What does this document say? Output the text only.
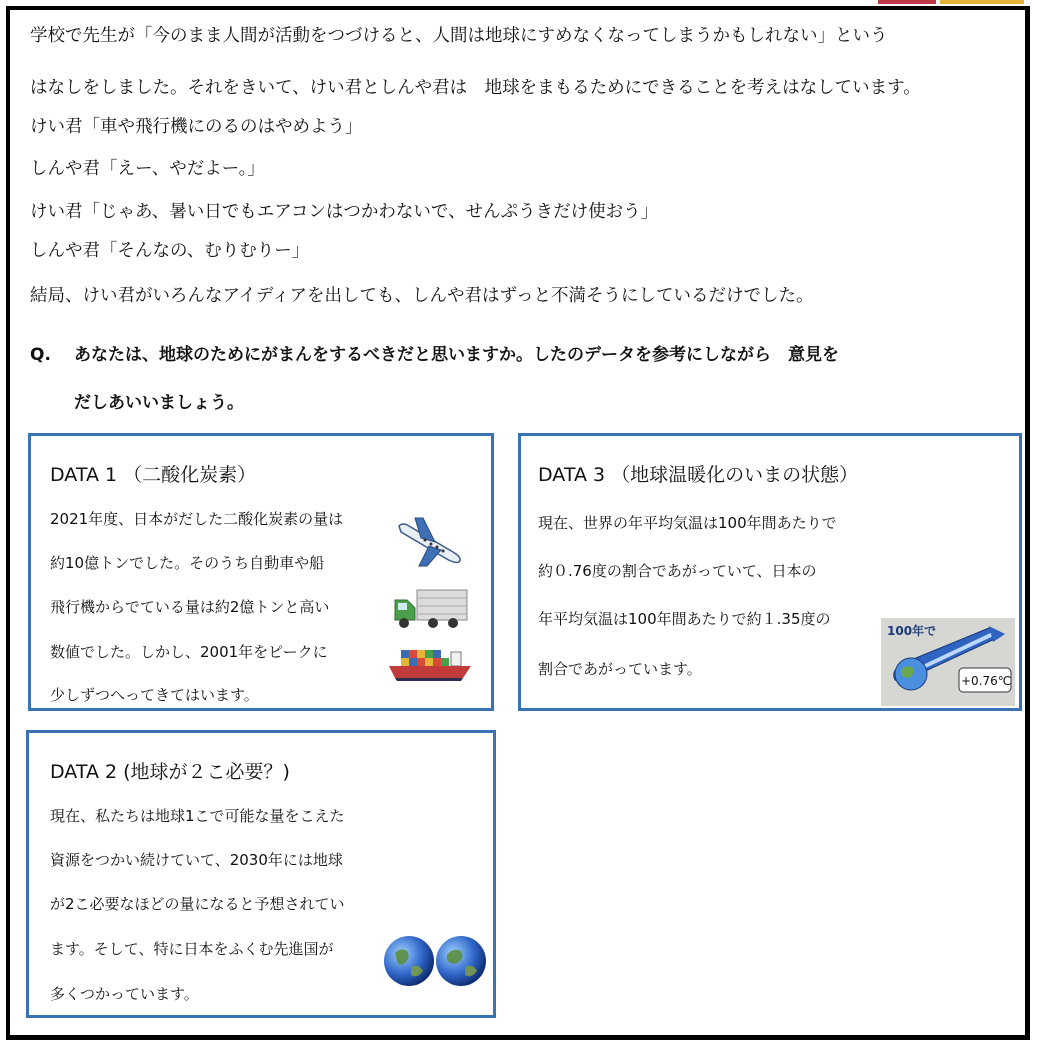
学校で先生が「今のまま人間が活動をつづけると、人間は地球にすめなくなってしまうかもしれない」という
はなしをしました。それをきいて、けい君としんや君は　地球をまもるためにできることを考えはなしています。
けい君「車や飛行機にのるのはやめよう」
しんや君「えー、やだよー。」
けい君「じゃあ、暑い日でもエアコンはつかわないで、せんぷうきだけ使おう」
しんや君「そんなの、むりむりー」
結局、けい君がいろんなアイディアを出しても、しんや君はずっと不満そうにしているだけでした。
Q. あなたは、地球のためにがまんをするべきだと思いますか。したのデータを参考にしながら　意見を
だしあいいましょう。
DATA 1 （二酸化炭素）
2021年度、日本がだした二酸化炭素の量は
約10億トンでした。そのうち自動車や船
飛行機からでている量は約2億トンと高い
数値でした。しかし、2001年をピークに
少しずつへってきてはいます。
DATA 2 (地球が２こ必要？)
現在、私たちは地球1こで可能な量をこえた
資源をつかい続けていて、2030年には地球
が2こ必要なほどの量になると予想されてい
ます。そして、特に日本をふくむ先進国が
多くつかっています。
DATA 3 （地球温暖化のいまの状態）
現在、世界の年平均気温は100年間あたりで
約０.76度の割合であがっていて、日本の
年平均気温は100年間あたりで約１.35度の
割合であがっています。
100年で
+0.76℃
